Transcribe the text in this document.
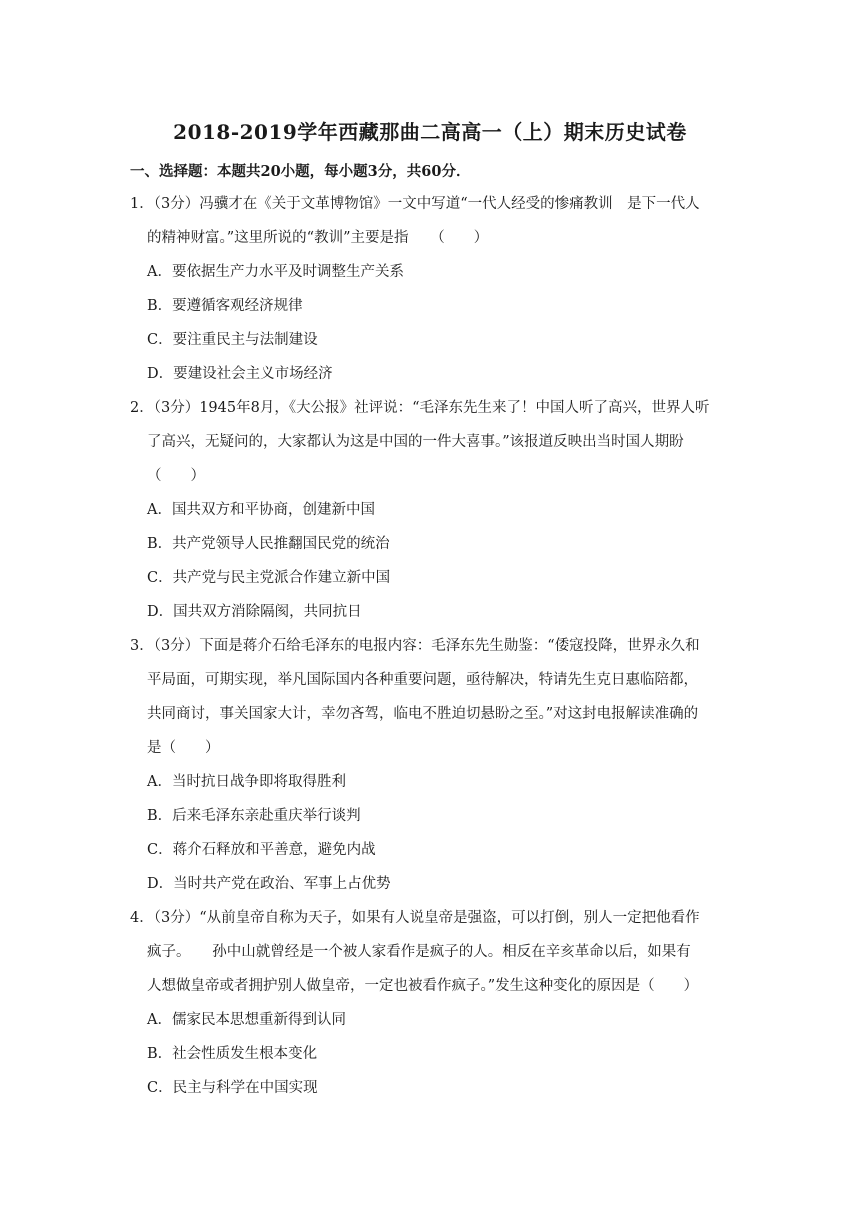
2018-2019学年西藏那曲二高高一（上）期末历史试卷
一、选择题：本题共20小题，每小题3分，共60分．
1．（3分）冯骥才在《关于文革博物馆》一文中写道“一代人经受的惨痛教训　是下一代人
的精神财富。”这里所说的“教训”主要是指　　（　　）
A．要依据生产力水平及时调整生产关系
B．要遵循客观经济规律
C．要注重民主与法制建设
D．要建设社会主义市场经济
2．（3分）1945年8月，《大公报》社评说：“毛泽东先生来了！中国人听了高兴，世界人听
了高兴，无疑问的，大家都认为这是中国的一件大喜事。”该报道反映出当时国人期盼
（　　）
A．国共双方和平协商，创建新中国
B．共产党领导人民推翻国民党的统治
C．共产党与民主党派合作建立新中国
D．国共双方消除隔阂，共同抗日
3．（3分）下面是蒋介石给毛泽东的电报内容：毛泽东先生勋鉴：“倭寇投降，世界永久和
平局面，可期实现，举凡国际国内各种重要问题，亟待解决，特请先生克日惠临陪都，
共同商讨，事关国家大计，幸勿吝驾，临电不胜迫切悬盼之至。”对这封电报解读准确的
是（　　）
A．当时抗日战争即将取得胜利
B．后来毛泽东亲赴重庆举行谈判
C．蒋介石释放和平善意，避免内战
D．当时共产党在政治、军事上占优势
4．（3分）“从前皇帝自称为天子，如果有人说皇帝是强盗，可以打倒，别人一定把他看作
疯子。　　孙中山就曾经是一个被人家看作是疯子的人。相反在辛亥革命以后，如果有
人想做皇帝或者拥护别人做皇帝，一定也被看作疯子。”发生这种变化的原因是（　　）
A．儒家民本思想重新得到认同
B．社会性质发生根本变化
C．民主与科学在中国实现
